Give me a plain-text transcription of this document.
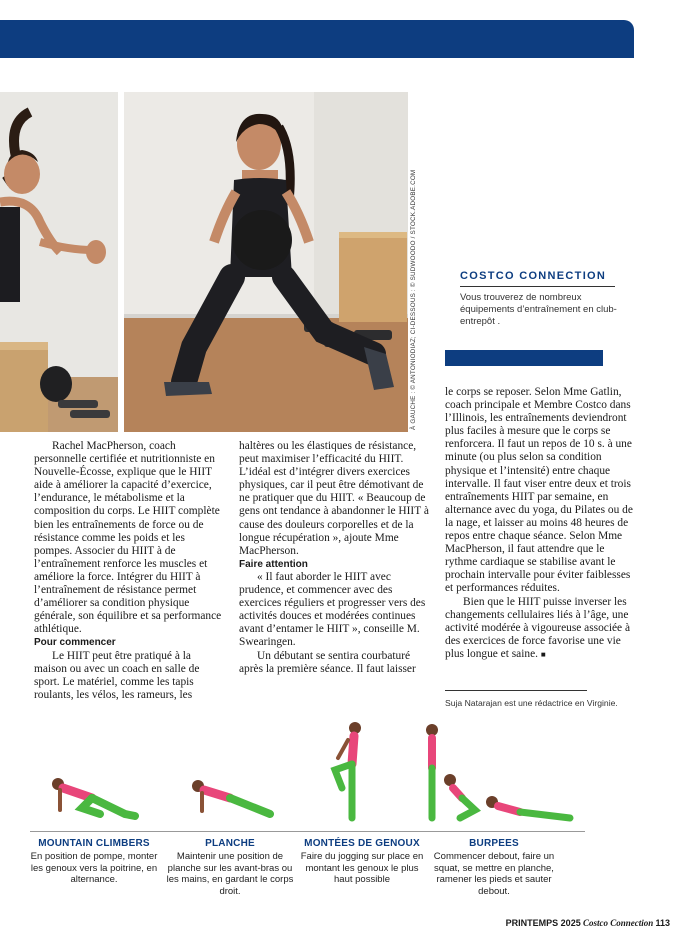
À GAUCHE : © ANTONIODIAZ; CI-DESSOUS : © SUDWOODO / STOCK.ADOBE.COM	COSTCO CONNECTION
Vous trouverez de nombreux équipements d’entraînement en club-entrepôt .

Rachel MacPherson, coach personnelle certifiée et nutritionniste en Nouvelle-Écosse, explique que le HIIT aide à améliorer la capacité d’exercice, l’endurance, le métabolisme et la composition du corps. Le HIIT complète bien les entraînements de force ou de résistance comme les poids et les pompes. Associer du HIIT à de l’entraînement renforce les muscles et améliore la force. Intégrer du HIIT à l’entraînement de résistance permet d’améliorer sa condition physique générale, son équilibre et sa performance athlétique.

Pour commencer

Le HIIT peut être pratiqué à la maison ou avec un coach en salle de sport. Le matériel, comme les tapis roulants, les vélos, les rameurs, les

haltères ou les élastiques de résistance, peut maximiser l’efficacité du HIIT. L’idéal est d’intégrer divers exercices physiques, car il peut être démotivant de ne pratiquer que du HIIT. « Beaucoup de gens ont tendance à abandonner le HIIT à cause des douleurs corporelles et de la longue récupération », ajoute Mme MacPherson.

Faire attention

« Il faut aborder le HIIT avec prudence, et commencer avec des exercices réguliers et progresser vers des activités douces et modérées continues avant d’entamer le HIIT », conseille M. Swearingen.

Un débutant se sentira courbaturé après la première séance. Il faut laisser

le corps se reposer. Selon Mme Gatlin, coach principale et Membre Costco dans l’Illinois, les entraînements deviendront plus faciles à mesure que le corps se renforcera. Il faut un repos de 10 s. à une minute (ou plus selon sa condition physique et l’intensité) entre chaque intervalle. Il faut viser entre deux et trois entraînements HIIT par semaine, en alternance avec du yoga, du Pilates ou de la nage, et laisser au moins 48 heures de repos entre chaque séance. Selon Mme MacPherson, il faut attendre que le rythme cardiaque se stabilise avant le prochain intervalle pour éviter faiblesses et performances réduites.

Bien que le HIIT puisse inverser les changements cellulaires liés à l’âge, une activité modérée à vigoureuse associée à des exercices de force favorise une vie plus longue et saine. ■

Suja Natarajan est une rédactrice en Virginie.
MOUNTAIN CLIMBERS
En position de pompe, monter les genoux vers la poitrine, en alternance.
PLANCHE
Maintenir une position de planche sur les avant-bras ou les mains, en gardant le corps droit.
MONTÉES DE GENOUX
Faire du jogging sur place en montant les genoux le plus haut possible
BURPEES
Commencer debout, faire un squat, se mettre en planche, ramener les pieds et sauter debout.
PRINTEMPS 2025 Costco Connection 113
